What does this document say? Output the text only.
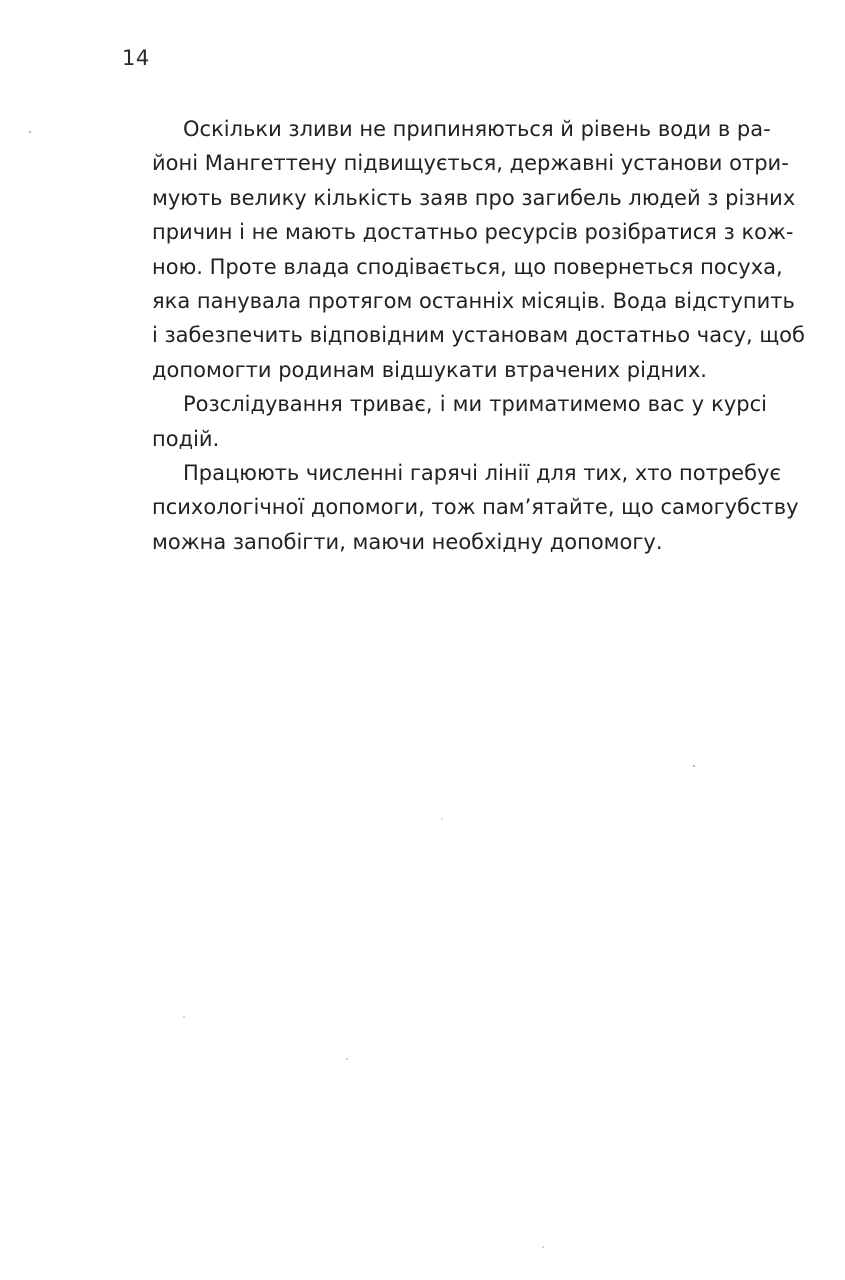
14
Оскільки зливи не припиняються й рівень води в ра-
йоні Мангеттену підвищується, державні установи отри-
мують велику кількість заяв про загибель людей з різних
причин і не мають достатньо ресурсів розібратися з кож-
ною. Проте влада сподівається, що повернеться посуха,
яка панувала протягом останніх місяців. Вода відступить
і забезпечить відповідним установам достатньо часу, щоб
допомогти родинам відшукати втрачених рідних.
Розслідування триває, і ми триматимемо вас у курсі
подій.
Працюють численні гарячі лінії для тих, хто потребує
психологічної допомоги, тож пам’ятайте, що самогубству
можна запобігти, маючи необхідну допомогу.
